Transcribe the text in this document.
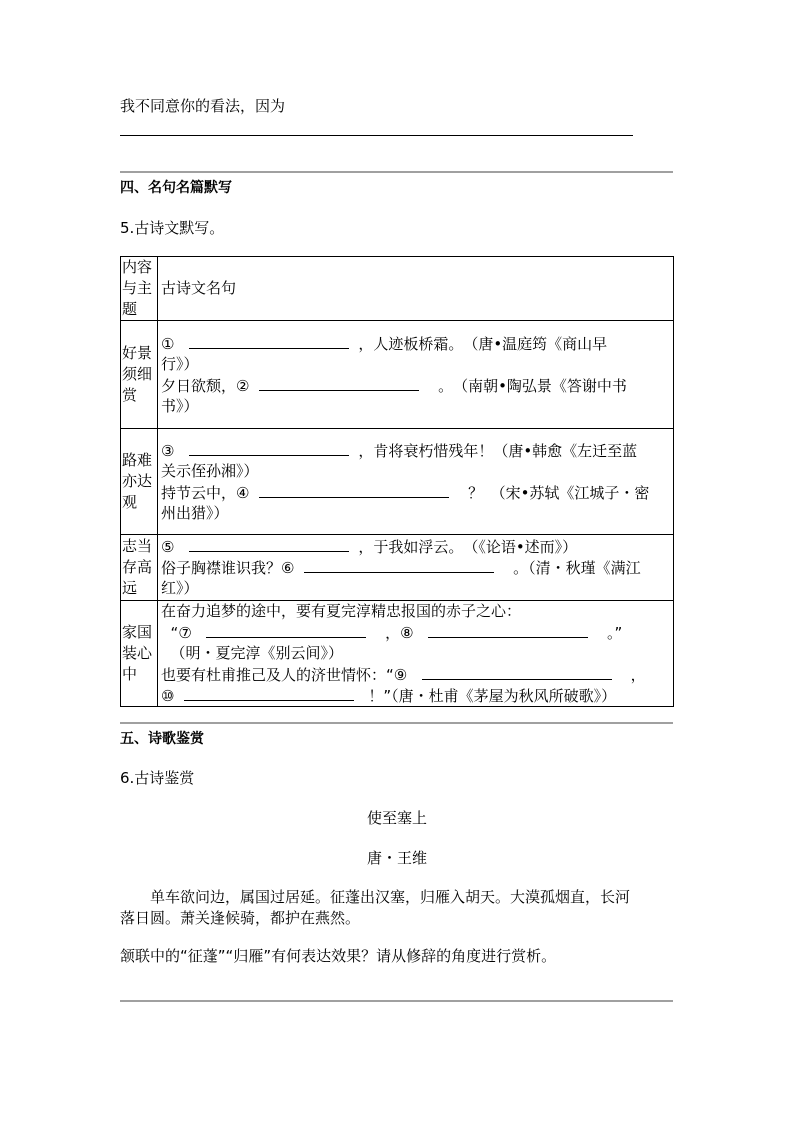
我不同意你的看法，因为
四、名句名篇默写
5.古诗文默写。
内容与主题	古诗文名句
好景须细赏	① ，人迹板桥霜。　（唐•温庭筠《商山早
行》）
夕日欲颓，② 。　（南朝•陶弘景《答谢中书
书》）

路难亦达观	③ ，肯将衰朽惜残年！（唐•韩愈《左迁至蓝
关示侄孙湘》）
持节云中，④ ？　（宋•苏轼《江城子・密
州出猎》）

志当存高远	⑤ ，于我如浮云。　（《论语•述而》）
俗子胸襟谁识我？⑥ 。（清・秋瑾《满江
红》）

家国装心中	在奋力追梦的途中，要有夏完淳精忠报国的赤子之心：
“⑦ ，⑧ 。”
（明・夏完淳《别云间》）
也要有杜甫推己及人的济世情怀：“⑨ ，
⑩ ！”（唐・杜甫《茅屋为秋风所破歌》）
五、诗歌鉴赏
6.古诗鉴赏
使至塞上
唐・王维
单车欲问边，属国过居延。征蓬出汉塞，归雁入胡天。大漠孤烟直，长河
落日圆。萧关逢候骑，都护在燕然。
颔联中的“征蓬”“归雁”有何表达效果？请从修辞的角度进行赏析。
